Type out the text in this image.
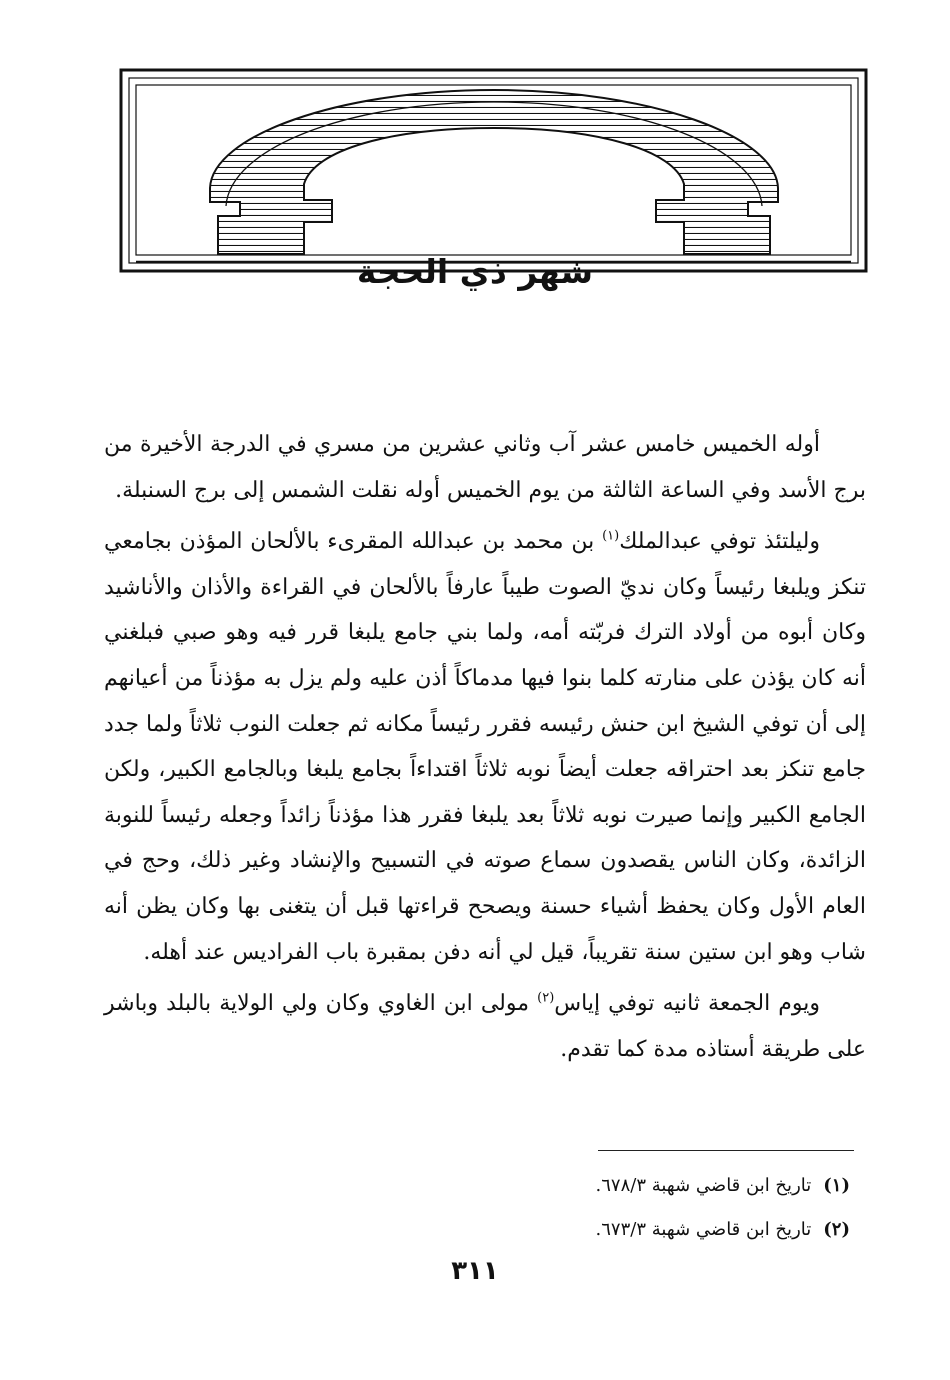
شهر ذي الحجة

أوله الخميس خامس عشر آب وثاني عشرين من مسري في الدرجة الأخيرة من برج الأسد وفي الساعة الثالثة من يوم الخميس أوله نقلت الشمس إلى برج السنبلة.

وليلتئذ توفي عبدالملك$^{(١)}$ بن محمد بن عبدالله المقرىء بالألحان المؤذن بجامعي تنكز ويلبغا رئيساً وكان نديّ الصوت طيباً عارفاً بالألحان في القراءة والأذان والأناشيد وكان أبوه من أولاد الترك فربّته أمه، ولما بني جامع يلبغا قرر فيه وهو صبي فبلغني أنه كان يؤذن على منارته كلما بنوا فيها مدماكاً أذن عليه ولم يزل به مؤذناً من أعيانهم إلى أن توفي الشيخ ابن حنش رئيسه فقرر رئيساً مكانه ثم جعلت النوب ثلاثاً ولما جدد جامع تنكز بعد احتراقه جعلت أيضاً نوبه ثلاثاً اقتداءاً بجامع يلبغا وبالجامع الكبير، ولكن الجامع الكبير وإنما صيرت نوبه ثلاثاً بعد يلبغا فقرر هذا مؤذناً زائداً وجعله رئيساً للنوبة الزائدة، وكان الناس يقصدون سماع صوته في التسبيح والإنشاد وغير ذلك، وحج في العام الأول وكان يحفظ أشياء حسنة ويصحح قراءتها قبل أن يتغنى بها وكان يظن أنه شاب وهو ابن ستين سنة تقريباً، قيل لي أنه دفن بمقبرة باب الفراديس عند أهله.

ويوم الجمعة ثانيه توفي إياس$^{(٢)}$ مولى ابن الغاوي وكان ولي الولاية بالبلد وباشر على طريقة أستاذه مدة كما تقدم.

(١)تاريخ ابن قاضي شهبة ٦٧٨/٣.
(٢)تاريخ ابن قاضي شهبة ٦٧٣/٣.
٣١١
